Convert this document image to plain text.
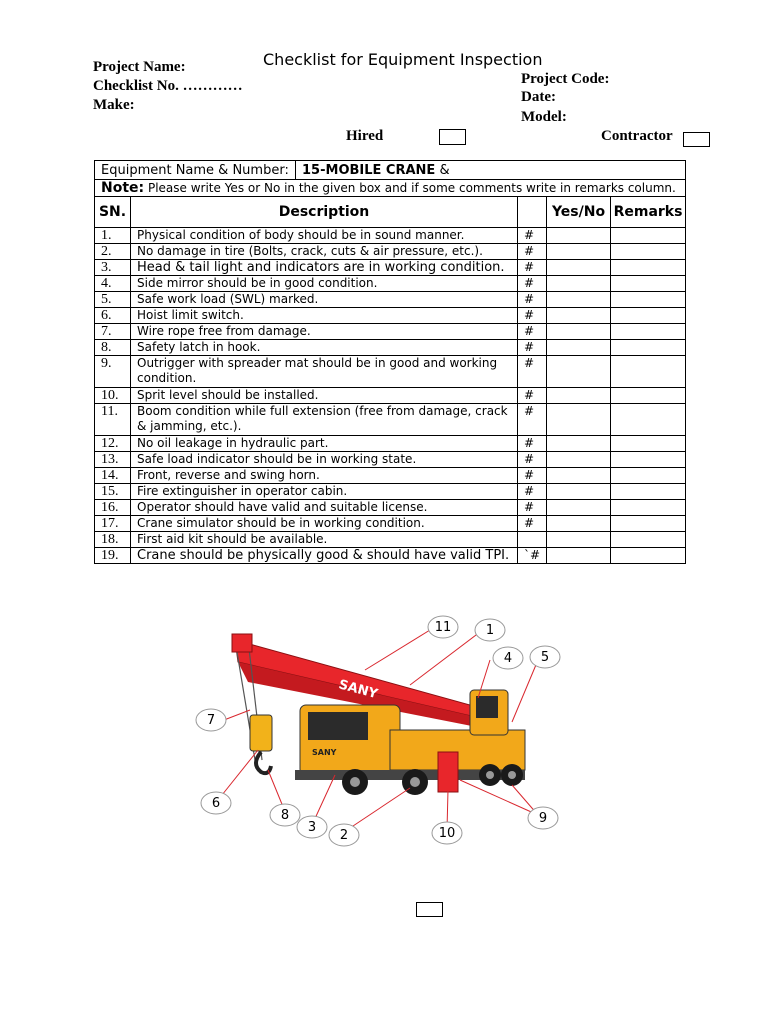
Checklist for Equipment Inspection
Project Name:
Checklist No. …………
Make:
Project Code:
Date:
Model:
Hired	Contractor
Equipment Name & Number:		15-MOBILE CRANE &			
Note: Please write Yes or No in the given box and if some comments write in remarks column.					
SN.	Description			Yes/No	Remarks
1.	Physical condition of body should be in sound manner.		#		
2.	No damage in tire (Bolts, crack, cuts & air pressure, etc.).		#		
3.	Head & tail light and indicators are in working condition.		#		
4.	Side mirror should be in good condition.		#		
5.	Safe work load (SWL) marked.		#		
6.	Hoist limit switch.		#		
7.	Wire rope free from damage.		#		
8.	Safety latch in hook.		#		
9.	Outrigger with spreader mat should be in good and working condition.		#		
10.	Sprit level should be installed.		#		
11.	Boom condition while full extension (free from damage, crack & jamming, etc.).		#		
12.	No oil leakage in hydraulic part.		#		
13.	Safe load indicator should be in working state.		#		
14.	Front, reverse and swing horn.		#		
15.	Fire extinguisher in operator cabin.		#		
16.	Operator should have valid and suitable license.		#		
17.	Crane simulator should be in working condition.		#		
18.	First aid kit should be available.				
19.	Crane should be physically good & should have valid TPI.		`#		
SANY
SANY
11	1
4 5
7
6
8
3
2	10
9
